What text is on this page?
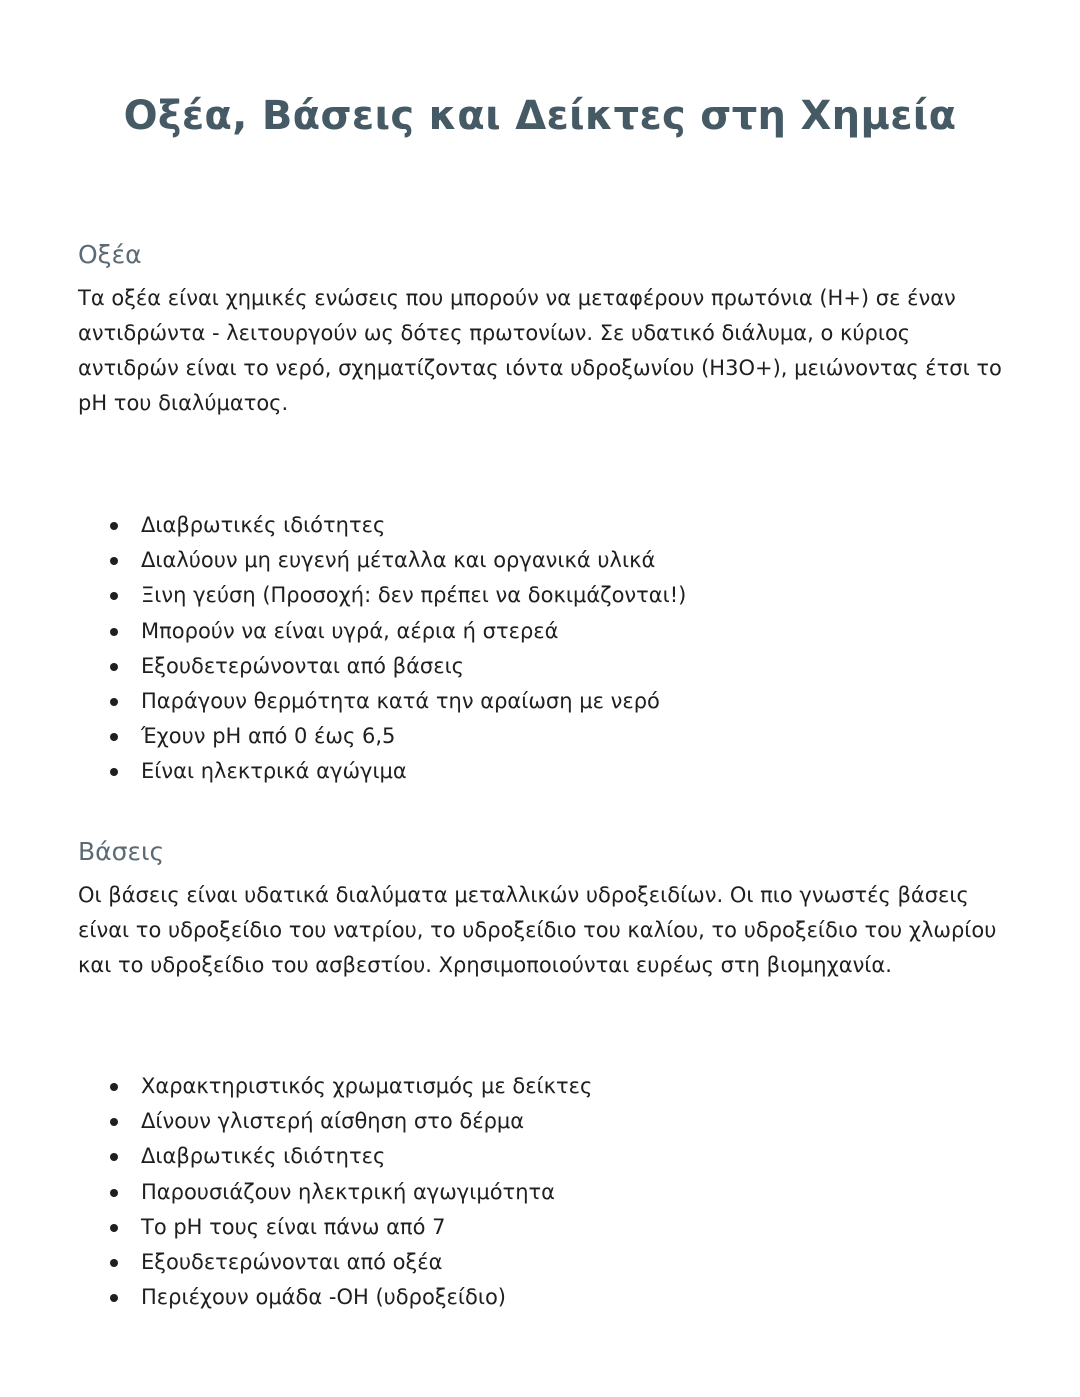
Οξέα, Βάσεις και Δείκτες στη Χημεία
Οξέα

Τα οξέα είναι χημικές ενώσεις που μπορούν να μεταφέρουν πρωτόνια (H+) σε έναν αντιδρώντα - λειτουργούν ως δότες πρωτονίων. Σε υδατικό διάλυμα, ο κύριος αντιδρών είναι το νερό, σχηματίζοντας ιόντα υδροξωνίου (H3O+), μειώνοντας έτσι το pH του διαλύματος.

Διαβρωτικές ιδιότητες
Διαλύουν μη ευγενή μέταλλα και οργανικά υλικά
Ξινη γεύση (Προσοχή: δεν πρέπει να δοκιμάζονται!)
Μπορούν να είναι υγρά, αέρια ή στερεά
Εξουδετερώνονται από βάσεις
Παράγουν θερμότητα κατά την αραίωση με νερό
Έχουν pH από 0 έως 6,5
Είναι ηλεκτρικά αγώγιμα
Βάσεις

Οι βάσεις είναι υδατικά διαλύματα μεταλλικών υδροξειδίων. Οι πιο γνωστές βάσεις είναι το υδροξείδιο του νατρίου, το υδροξείδιο του καλίου, το υδροξείδιο του χλωρίου και το υδροξείδιο του ασβεστίου. Χρησιμοποιούνται ευρέως στη βιομηχανία.

Χαρακτηριστικός χρωματισμός με δείκτες
Δίνουν γλιστερή αίσθηση στο δέρμα
Διαβρωτικές ιδιότητες
Παρουσιάζουν ηλεκτρική αγωγιμότητα
Το pH τους είναι πάνω από 7
Εξουδετερώνονται από οξέα
Περιέχουν ομάδα -OH (υδροξείδιο)
